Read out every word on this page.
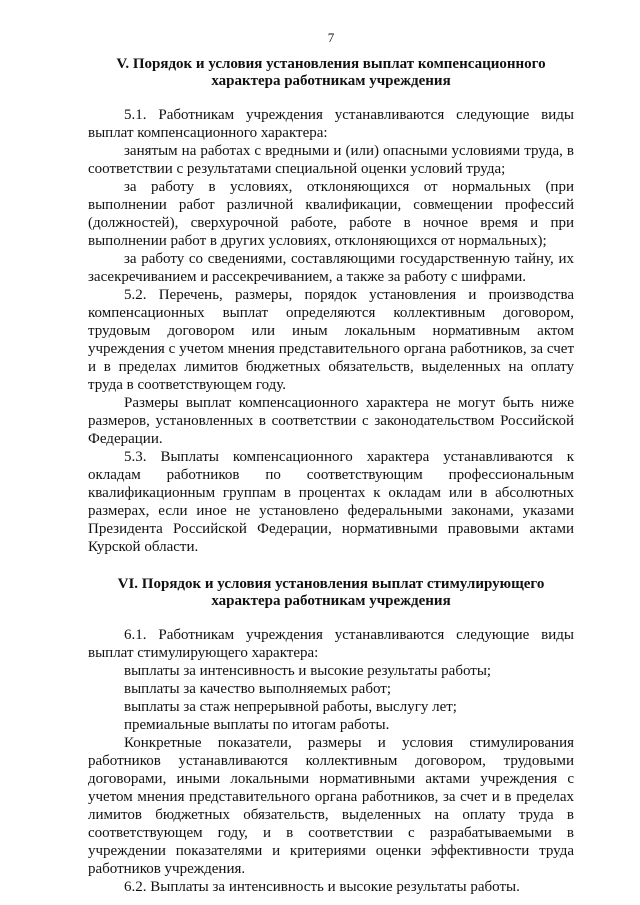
7
V. Порядок и условия установления выплат компенсационного
характера работникам учреждения

5.1. Работникам учреждения устанавливаются следующие виды выплат компенсационного характера:

занятым на работах с вредными и (или) опасными условиями труда, в соответствии с результатами специальной оценки условий труда;

за работу в условиях, отклоняющихся от нормальных (при выполнении работ различной квалификации, совмещении профессий (должностей), сверхурочной работе, работе в ночное время и при выполнении работ в других условиях, отклоняющихся от нормальных);

за работу со сведениями, составляющими государственную тайну, их засекречиванием и рассекречиванием, а также за работу с шифрами.

5.2. Перечень, размеры, порядок установления и производства компенсационных выплат определяются коллективным договором, трудовым договором или иным локальным нормативным актом учреждения с учетом мнения представительного органа работников, за счет и в пределах лимитов бюджетных обязательств, выделенных на оплату труда в соответствующем году.

Размеры выплат компенсационного характера не могут быть ниже размеров, установленных в соответствии с законодательством Российской Федерации.

5.3. Выплаты компенсационного характера устанавливаются к окладам работников по соответствующим профессиональным квалификационным группам в процентах к окладам или в абсолютных размерах, если иное не установлено федеральными законами, указами Президента Российской Федерации, нормативными правовыми актами Курской области.

VI. Порядок и условия установления выплат стимулирующего
характера работникам учреждения

6.1. Работникам учреждения устанавливаются следующие виды выплат стимулирующего характера:

выплаты за интенсивность и высокие результаты работы;

выплаты за качество выполняемых работ;

выплаты за стаж непрерывной работы, выслугу лет;

премиальные выплаты по итогам работы.

Конкретные показатели, размеры и условия стимулирования работников устанавливаются коллективным договором, трудовыми договорами, иными локальными нормативными актами учреждения с учетом мнения представительного органа работников, за счет и в пределах лимитов бюджетных обязательств, выделенных на оплату труда в соответствующем году, и в соответствии с разрабатываемыми в учреждении показателями и критериями оценки эффективности труда работников учреждения.

6.2. Выплаты за интенсивность и высокие результаты работы.
